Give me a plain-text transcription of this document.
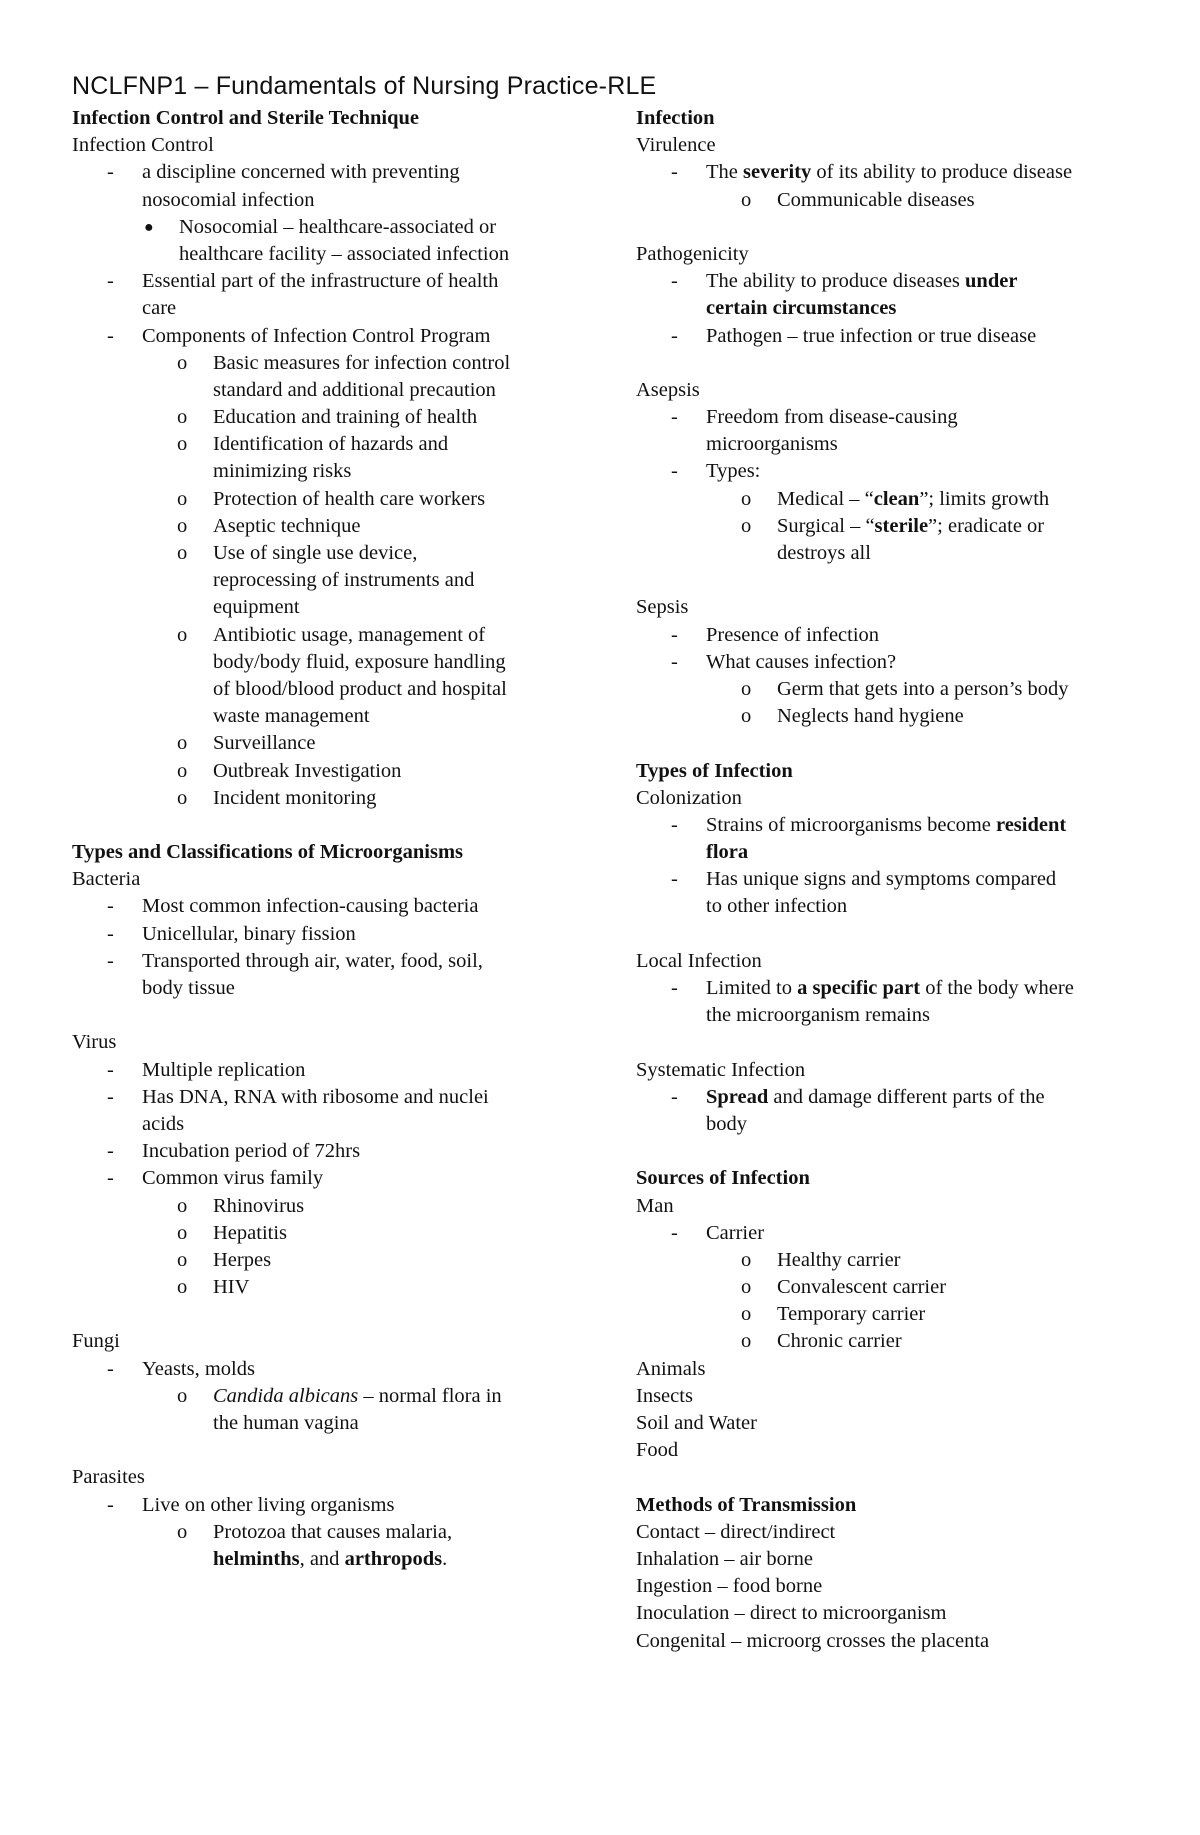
NCLFNP1 – Fundamentals of Nursing Practice-RLE
Infection Control and Sterile Technique
Infection Control
- a discipline concerned with preventing
nosocomial infection
● Nosocomial – healthcare-associated or
healthcare facility – associated infection
- Essential part of the infrastructure of health
care
- Components of Infection Control Program
o Basic measures for infection control
standard and additional precaution
o Education and training of health
o Identification of hazards and
minimizing risks
o Protection of health care workers
o Aseptic technique
o Use of single use device,
reprocessing of instruments and
equipment
o Antibiotic usage, management of
body/body fluid, exposure handling
of blood/blood product and hospital
waste management
o Surveillance
o Outbreak Investigation
o Incident monitoring
Types and Classifications of Microorganisms
Bacteria
- Most common infection-causing bacteria
- Unicellular, binary fission
- Transported through air, water, food, soil,
body tissue
Virus
- Multiple replication
- Has DNA, RNA with ribosome and nuclei
acids
- Incubation period of 72hrs
- Common virus family
o Rhinovirus
o Hepatitis
o Herpes
o HIV
Fungi
- Yeasts, molds
o Candida albicans – normal flora in
the human vagina
Parasites
- Live on other living organisms
o Protozoa that causes malaria,
helminths, and arthropods.
Infection
Virulence
- The severity of its ability to produce disease
o Communicable diseases
Pathogenicity
- The ability to produce diseases under
certain circumstances
- Pathogen – true infection or true disease
Asepsis
- Freedom from disease-causing
microorganisms
- Types:
o Medical – “clean”; limits growth
o Surgical – “sterile”; eradicate or
destroys all
Sepsis
- Presence of infection
- What causes infection?
o Germ that gets into a person’s body
o Neglects hand hygiene
Types of Infection
Colonization
- Strains of microorganisms become resident
flora
- Has unique signs and symptoms compared
to other infection
Local Infection
- Limited to a specific part of the body where
the microorganism remains
Systematic Infection
- Spread and damage different parts of the
body
Sources of Infection
Man
- Carrier
o Healthy carrier
o Convalescent carrier
o Temporary carrier
o Chronic carrier
Animals
Insects
Soil and Water
Food
Methods of Transmission
Contact – direct/indirect
Inhalation – air borne
Ingestion – food borne
Inoculation – direct to microorganism
Congenital – microorg crosses the placenta
